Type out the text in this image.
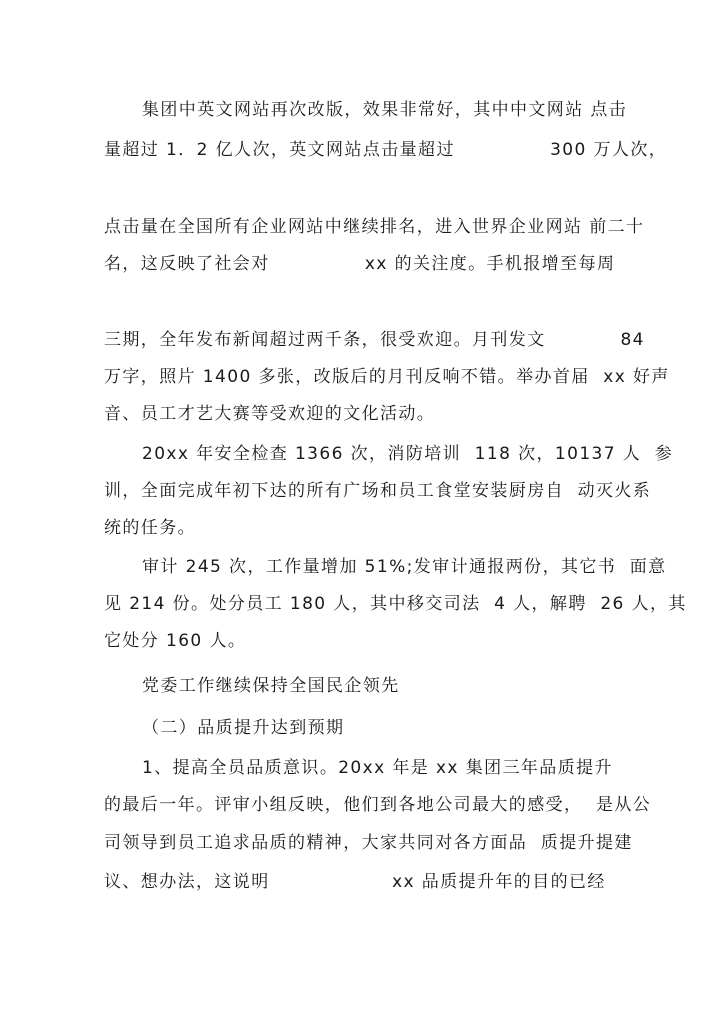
集团中英文网站再次改版，效果非常好，其中中文网站 点击
量超过 1．2 亿人次，英文网站点击量超过              300 万人次，
点击量在全国所有企业网站中继续排名，进入世界企业网站 前二十
名，这反映了社会对              xx 的关注度。手机报增至每周
三期，全年发布新闻超过两千条，很受欢迎。月刊发文           84
万字，照片 1400 多张，改版后的月刊反响不错。举办首届  xx 好声
音、员工才艺大赛等受欢迎的文化活动。
20xx 年安全检查 1366 次，消防培训  118 次，10137 人  参
训，全面完成年初下达的所有广场和员工食堂安装厨房自  动灭火系
统的任务。
审计 245 次，工作量增加 51%;发审计通报两份，其它书  面意
见 214 份。处分员工 180 人，其中移交司法  4 人，解聘  26 人，其
它处分 160 人。
党委工作继续保持全国民企领先
（二）品质提升达到预期
1、提高全员品质意识。20xx 年是 xx 集团三年品质提升
的最后一年。评审小组反映，他们到各地公司最大的感受，  是从公
司领导到员工追求品质的精神，大家共同对各方面品  质提升提建
议、想办法，这说明                  xx 品质提升年的目的已经
